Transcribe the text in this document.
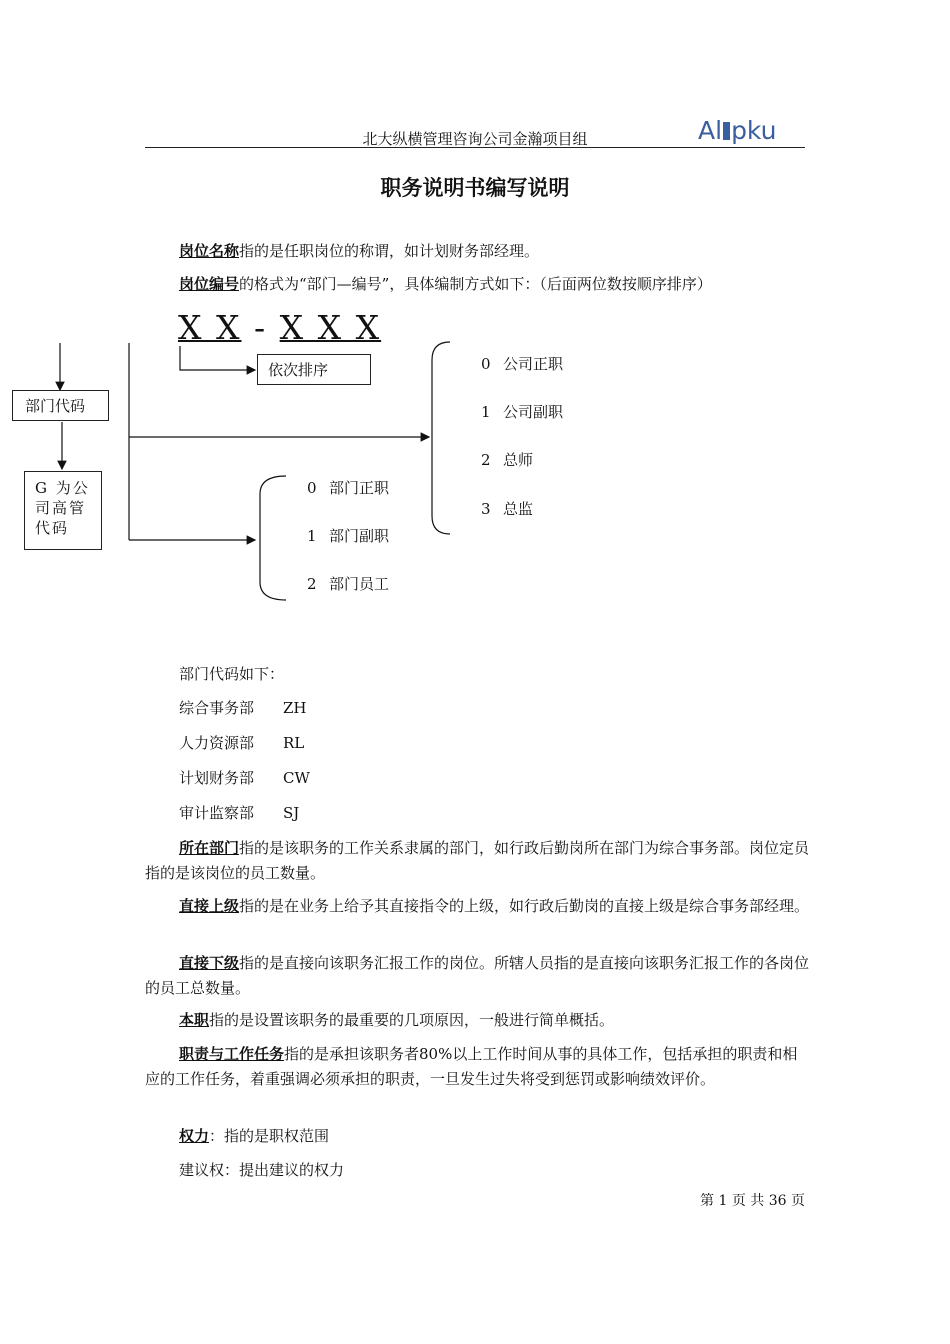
北大纵横管理咨询公司金瀚项目组	Al pku
职务说明书编写说明
岗位名称指的是任职岗位的称谓，如计划财务部经理。
岗位编号的格式为“部门—编号”，具体编制方式如下：（后面两位数按顺序排序）
X X - X X X
依次排序
部门代码
G 为公司高管代码
0 公司正职
1 公司副职
2 总师
3 总监
0 部门正职
1 部门副职
2 部门员工
部门代码如下：
综合事务部 ZH
人力资源部 RL
计划财务部 CW
审计监察部 SJ
所在部门指的是该职务的工作关系隶属的部门，如行政后勤岗所在部门为综合事务部。岗位定员指的是该岗位的员工数量。
直接上级指的是在业务上给予其直接指令的上级，如行政后勤岗的直接上级是综合事务部经理。
直接下级指的是直接向该职务汇报工作的岗位。所辖人员指的是直接向该职务汇报工作的各岗位的员工总数量。
本职指的是设置该职务的最重要的几项原因，一般进行简单概括。
职责与工作任务指的是承担该职务者80%以上工作时间从事的具体工作，包括承担的职责和相应的工作任务，着重强调必须承担的职责，一旦发生过失将受到惩罚或影响绩效评价。
权力：指的是职权范围
建议权：提出建议的权力
第 1 页 共 36 页
